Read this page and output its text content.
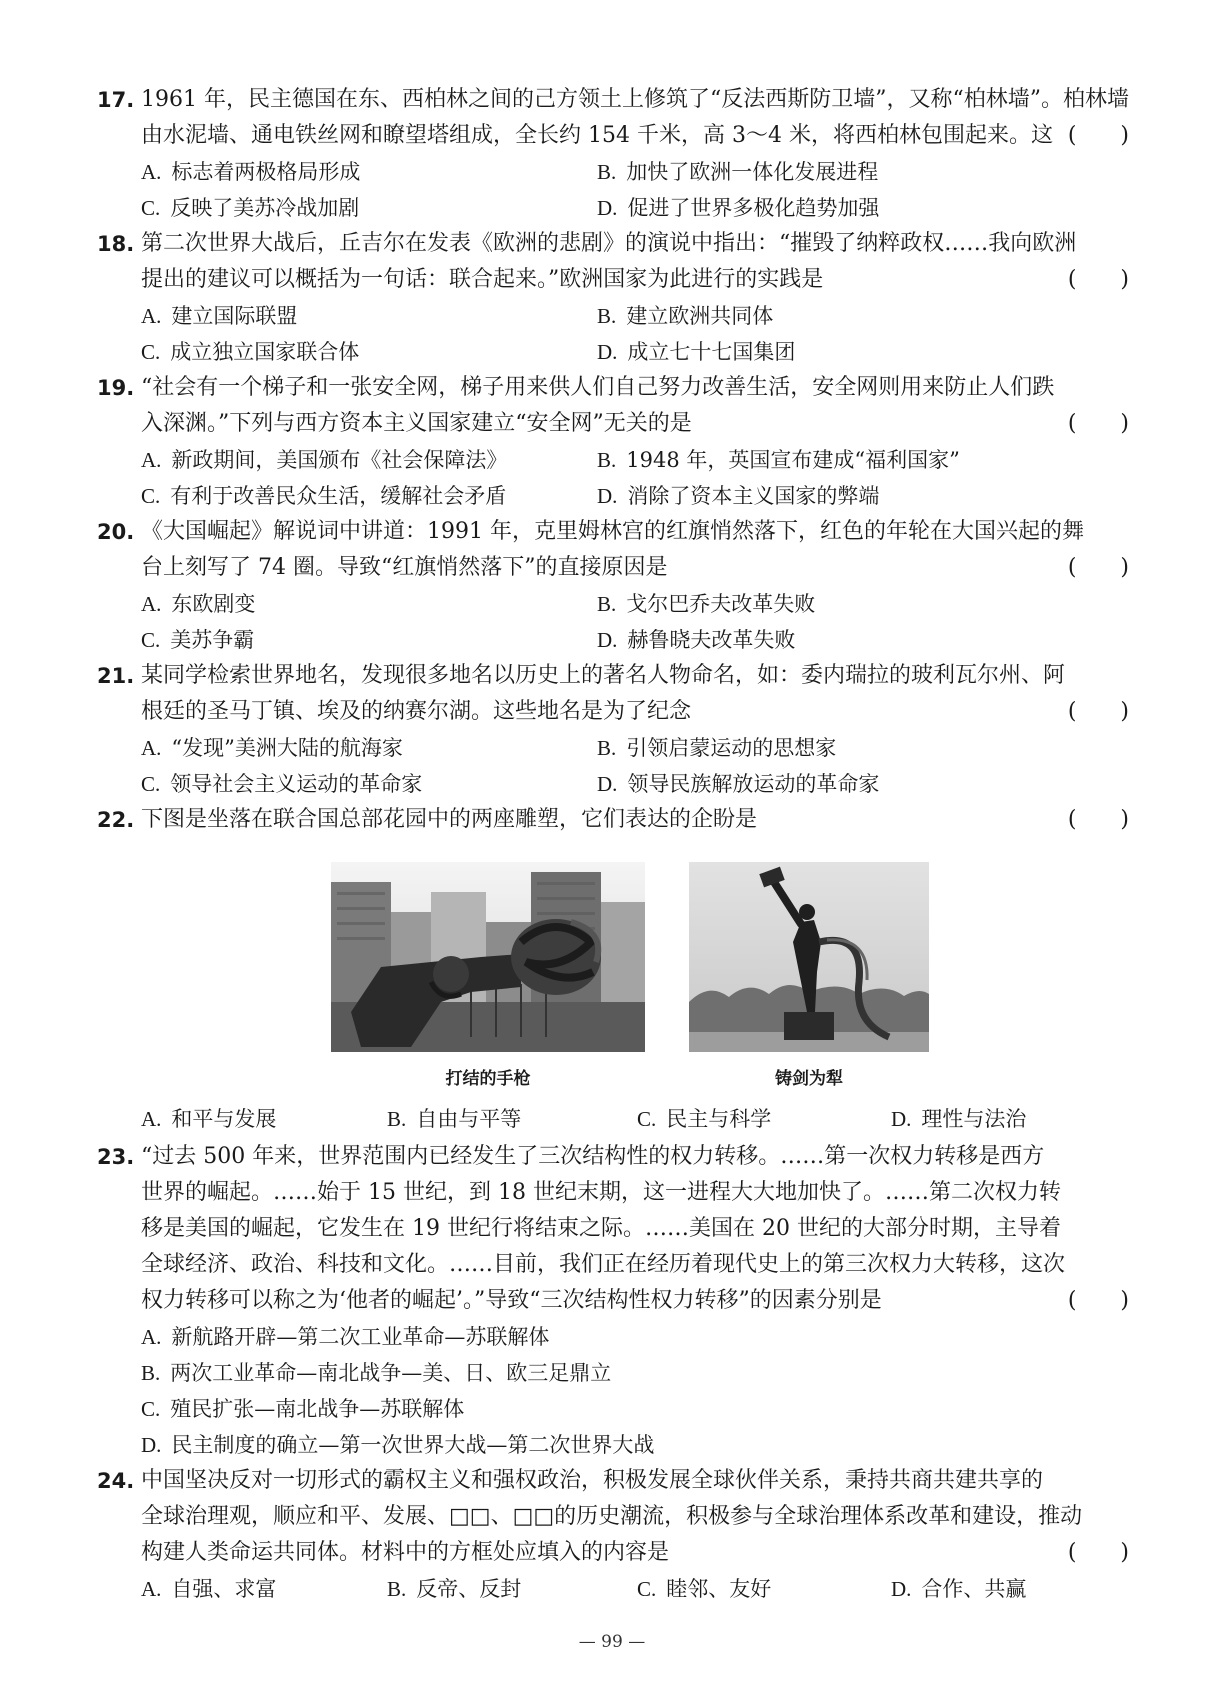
17. 1961 年，民主德国在东、西柏林之间的己方领土上修筑了“反法西斯防卫墙”，又称“柏林墙”。柏林墙
由水泥墙、通电铁丝网和瞭望塔组成，全长约 154 千米，高 3～4 米，将西柏林包围起来。这 (　　)
A. 标志着两极格局形成	B. 加快了欧洲一体化发展进程
C. 反映了美苏冷战加剧	D. 促进了世界多极化趋势加强
18. 第二次世界大战后，丘吉尔在发表《欧洲的悲剧》的演说中指出：“摧毁了纳粹政权……我向欧洲
提出的建议可以概括为一句话：联合起来。”欧洲国家为此进行的实践是	(　　)
A. 建立国际联盟	B. 建立欧洲共同体
C. 成立独立国家联合体	D. 成立七十七国集团
19. “社会有一个梯子和一张安全网，梯子用来供人们自己努力改善生活，安全网则用来防止人们跌
入深渊。”下列与西方资本主义国家建立“安全网”无关的是	(　　)
A. 新政期间，美国颁布《社会保障法》	B. 1948 年，英国宣布建成“福利国家”
C. 有利于改善民众生活，缓解社会矛盾	D. 消除了资本主义国家的弊端
20. 《大国崛起》解说词中讲道：1991 年，克里姆林宫的红旗悄然落下，红色的年轮在大国兴起的舞
台上刻写了 74 圈。导致“红旗悄然落下”的直接原因是	(　　)
A. 东欧剧变	B. 戈尔巴乔夫改革失败
C. 美苏争霸	D. 赫鲁晓夫改革失败
21. 某同学检索世界地名，发现很多地名以历史上的著名人物命名，如：委内瑞拉的玻利瓦尔州、阿
根廷的圣马丁镇、埃及的纳赛尔湖。这些地名是为了纪念	(　　)
A. “发现”美洲大陆的航海家	B. 引领启蒙运动的思想家
C. 领导社会主义运动的革命家	D. 领导民族解放运动的革命家
22. 下图是坐落在联合国总部花园中的两座雕塑，它们表达的企盼是	(　　)
打结的手枪	铸剑为犁
A. 和平与发展	B. 自由与平等	C. 民主与科学	D. 理性与法治
23. “过去 500 年来，世界范围内已经发生了三次结构性的权力转移。……第一次权力转移是西方
世界的崛起。……始于 15 世纪，到 18 世纪末期，这一进程大大地加快了。……第二次权力转
移是美国的崛起，它发生在 19 世纪行将结束之际。……美国在 20 世纪的大部分时期，主导着
全球经济、政治、科技和文化。……目前，我们正在经历着现代史上的第三次权力大转移，这次
权力转移可以称之为‘他者的崛起’。”导致“三次结构性权力转移”的因素分别是	(　　)
A. 新航路开辟—第二次工业革命—苏联解体
B. 两次工业革命—南北战争—美、日、欧三足鼎立
C. 殖民扩张—南北战争—苏联解体
D. 民主制度的确立—第一次世界大战—第二次世界大战
24. 中国坚决反对一切形式的霸权主义和强权政治，积极发展全球伙伴关系，秉持共商共建共享的
全球治理观，顺应和平、发展、□□、□□的历史潮流，积极参与全球治理体系改革和建设，推动
构建人类命运共同体。材料中的方框处应填入的内容是	(　　)
A. 自强、求富	B. 反帝、反封	C. 睦邻、友好	D. 合作、共赢
— 99 —
